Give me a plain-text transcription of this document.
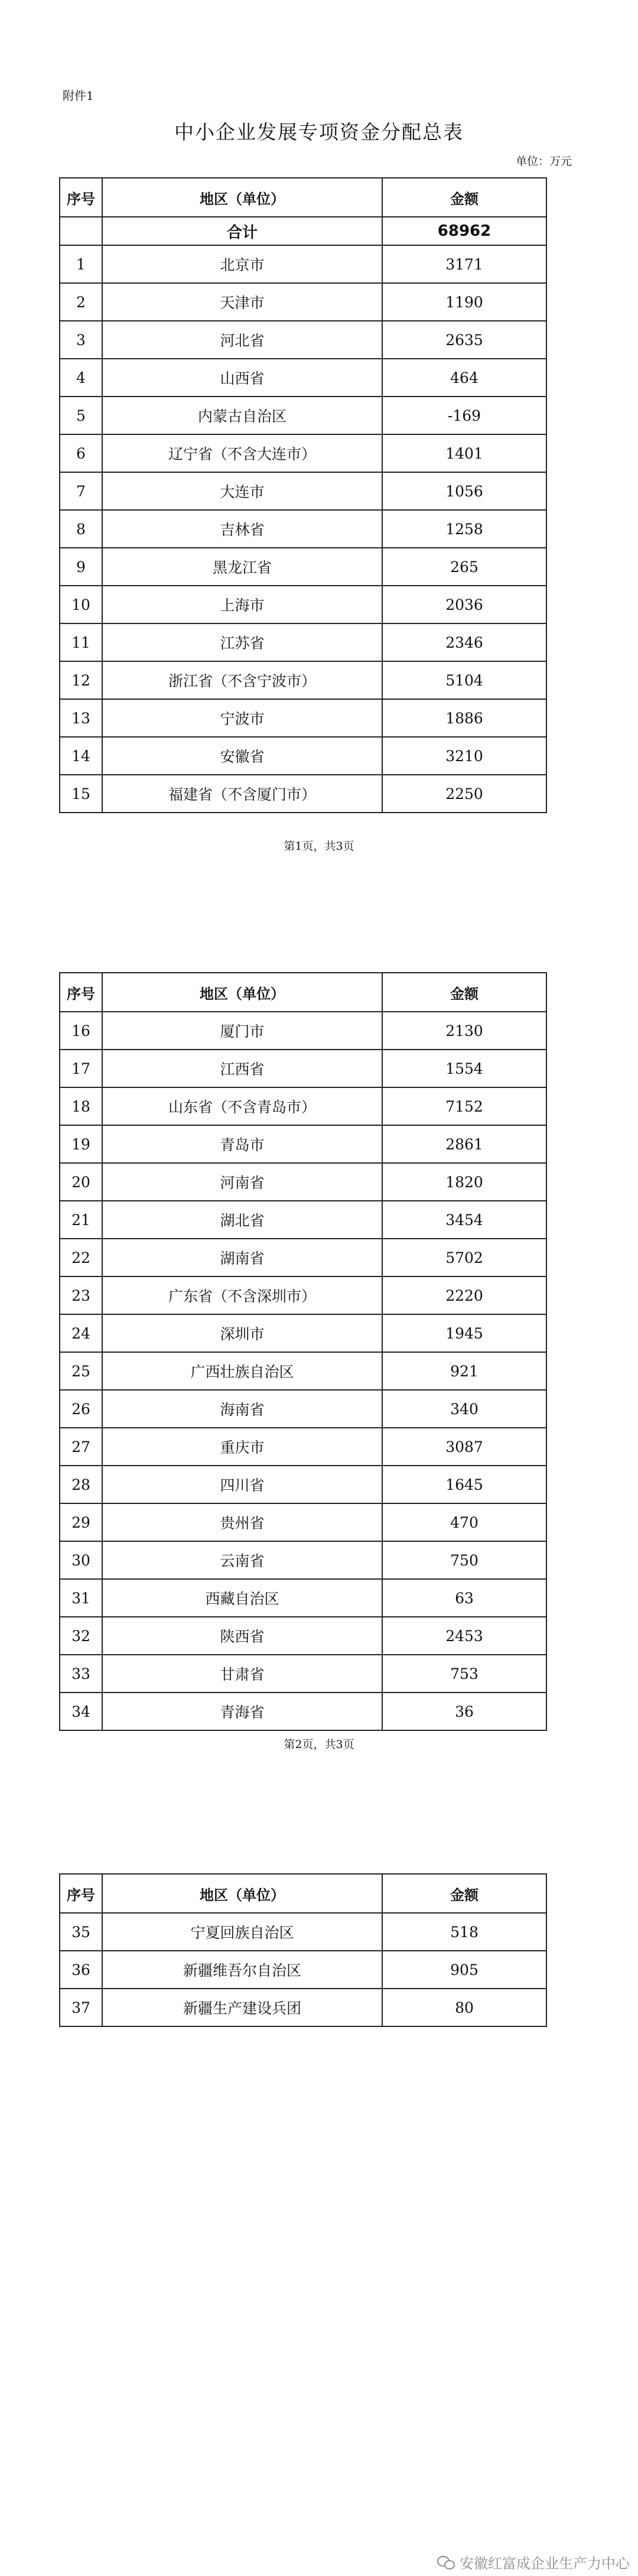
附件1
中小企业发展专项资金分配总表
单位：万元
序号	地区（单位）	金额
	合计	68962
1	北京市	3171
2	天津市	1190
3	河北省	2635
4	山西省	464
5	内蒙古自治区	-169
6	辽宁省（不含大连市）	1401
7	大连市	1056
8	吉林省	1258
9	黑龙江省	265
10	上海市	2036
11	江苏省	2346
12	浙江省（不含宁波市）	5104
13	宁波市	1886
14	安徽省	3210
15	福建省（不含厦门市）	2250
第1页，共3页
序号	地区（单位）	金额
16	厦门市	2130
17	江西省	1554
18	山东省（不含青岛市）	7152
19	青岛市	2861
20	河南省	1820
21	湖北省	3454
22	湖南省	5702
23	广东省（不含深圳市）	2220
24	深圳市	1945
25	广西壮族自治区	921
26	海南省	340
27	重庆市	3087
28	四川省	1645
29	贵州省	470
30	云南省	750
31	西藏自治区	63
32	陕西省	2453
33	甘肃省	753
34	青海省	36
第2页，共3页
序号	地区（单位）	金额
35	宁夏回族自治区	518
36	新疆维吾尔自治区	905
37	新疆生产建设兵团	80
安徽红富成企业生产力中心
